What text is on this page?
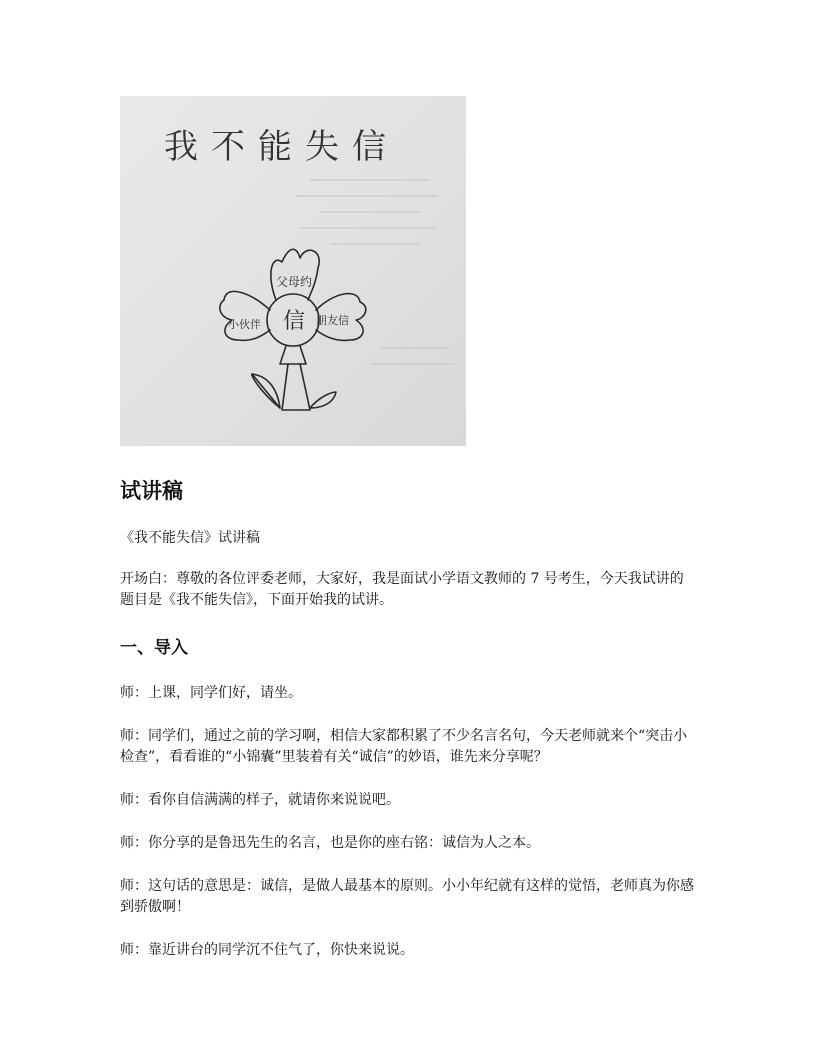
我不能失信
父母约
小伙伴	朋友信
信
试讲稿

《我不能失信》试讲稿

开场白：尊敬的各位评委老师，大家好，我是面试小学语文教师的 7 号考生，今天我试讲的题目是《我不能失信》，下面开始我的试讲。

一、导入

师：上课，同学们好，请坐。

师：同学们，通过之前的学习啊，相信大家都积累了不少名言名句，今天老师就来个“突击小检查”，看看谁的“小锦囊”里装着有关“诚信”的妙语，谁先来分享呢？

师：看你自信满满的样子，就请你来说说吧。

师：你分享的是鲁迅先生的名言，也是你的座右铭：诚信为人之本。

师：这句话的意思是：诚信，是做人最基本的原则。小小年纪就有这样的觉悟，老师真为你感到骄傲啊！

师：靠近讲台的同学沉不住气了，你快来说说。
